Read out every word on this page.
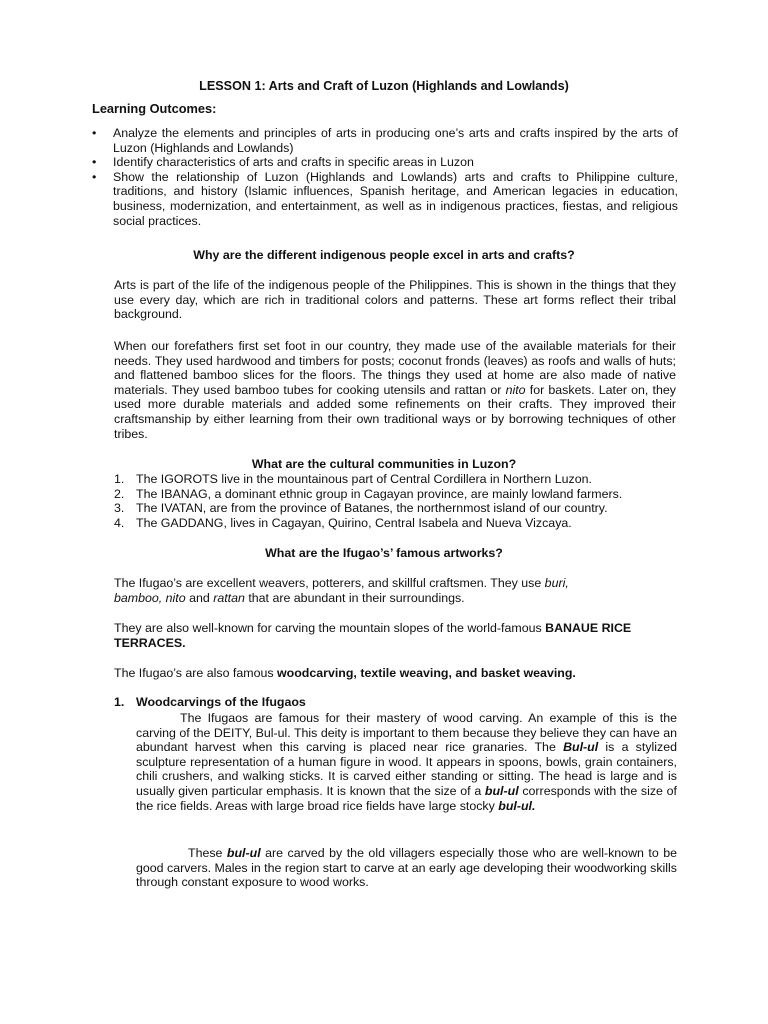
LESSON 1: Arts and Craft of Luzon (Highlands and Lowlands)
Learning Outcomes:
• Analyze the elements and principles of arts in producing one’s arts and crafts inspired by the arts of Luzon (Highlands and Lowlands)
• Identify characteristics of arts and crafts in specific areas in Luzon
• Show the relationship of Luzon (Highlands and Lowlands) arts and crafts to Philippine culture, traditions, and history (Islamic influences, Spanish heritage, and American legacies in education, business, modernization, and entertainment, as well as in indigenous practices, fiestas, and religious social practices.
Why are the different indigenous people excel in arts and crafts?

Arts is part of the life of the indigenous people of the Philippines. This is shown in the things that they use every day, which are rich in traditional colors and patterns. These art forms reflect their tribal background.

When our forefathers first set foot in our country, they made use of the available materials for their needs. They used hardwood and timbers for posts; coconut fronds (leaves) as roofs and walls of huts; and flattened bamboo slices for the floors. The things they used at home are also made of native materials. They used bamboo tubes for cooking utensils and rattan or nito for baskets. Later on, they used more durable materials and added some refinements on their crafts. They improved their craftsmanship by either learning from their own traditional ways or by borrowing techniques of other tribes.

What are the cultural communities in Luzon?
1. The IGOROTS live in the mountainous part of Central Cordillera in Northern Luzon.
2. The IBANAG, a dominant ethnic group in Cagayan province, are mainly lowland farmers.
3. The IVATAN, are from the province of Batanes, the northernmost island of our country.
4. The GADDANG, lives in Cagayan, Quirino, Central Isabela and Nueva Vizcaya.
What are the Ifugao’s’ famous artworks?

The Ifugao’s are excellent weavers, potterers, and skillful craftsmen. They use buri,
bamboo, nito and rattan that are abundant in their surroundings.

They are also well-known for carving the mountain slopes of the world-famous BANAUE RICE TERRACES.

The Ifugao’s are also famous woodcarving, textile weaving, and basket weaving.

1. Woodcarvings of the Ifugaos

The Ifugaos are famous for their mastery of wood carving. An example of this is the carving of the DEITY, Bul-ul. This deity is important to them because they believe they can have an abundant harvest when this carving is placed near rice granaries. The Bul-ul is a stylized sculpture representation of a human figure in wood. It appears in spoons, bowls, grain containers, chili crushers, and walking sticks. It is carved either standing or sitting. The head is large and is usually given particular emphasis. It is known that the size of a bul-ul corresponds with the size of the rice fields. Areas with large broad rice fields have large stocky bul-ul.

These bul-ul are carved by the old villagers especially those who are well-known to be good carvers. Males in the region start to carve at an early age developing their woodworking skills through constant exposure to wood works.
